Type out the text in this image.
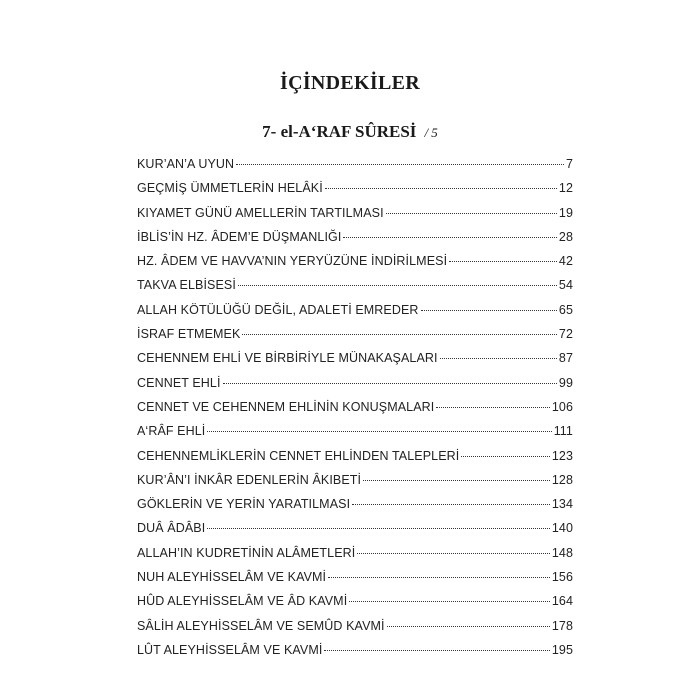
İÇİNDEKİLER
7- el-A‘RAF SÛRESİ / 5
KUR’AN’A UYUN	7
GEÇMİŞ ÜMMETLERİN HELÂKİ	12
KIYAMET GÜNÜ AMELLERİN TARTILMASI	19
İBLİS’İN HZ. ÂDEM’E DÜŞMANLIĞI	28
HZ. ÂDEM VE HAVVA’NIN YERYÜZÜNE İNDİRİLMESİ	42
TAKVA ELBİSESİ	54
ALLAH KÖTÜLÜĞÜ DEĞİL, ADALETİ EMREDER	65
İSRAF ETMEMEK	72
CEHENNEM EHLİ VE BİRBİRİYLE MÜNAKAŞALARI	87
CENNET EHLİ	99
CENNET VE CEHENNEM EHLİNİN KONUŞMALARI	106
A‘RÂF EHLİ	111
CEHENNEMLİKLERİN CENNET EHLİNDEN TALEPLERİ	123
KUR’ÂN’I İNKÂR EDENLERİN ÂKIBETİ	128
GÖKLERİN VE YERİN YARATILMASI	134
DUÂ ÂDÂBI	140
ALLAH’IN KUDRETİNİN ALÂMETLERİ	148
NUH ALEYHİSSELÂM VE KAVMİ	156
HÛD ALEYHİSSELÂM VE ÂD KAVMİ	164
SÂLİH ALEYHİSSELÂM VE SEMÛD KAVMİ	178
LÛT ALEYHİSSELÂM VE KAVMİ	195
